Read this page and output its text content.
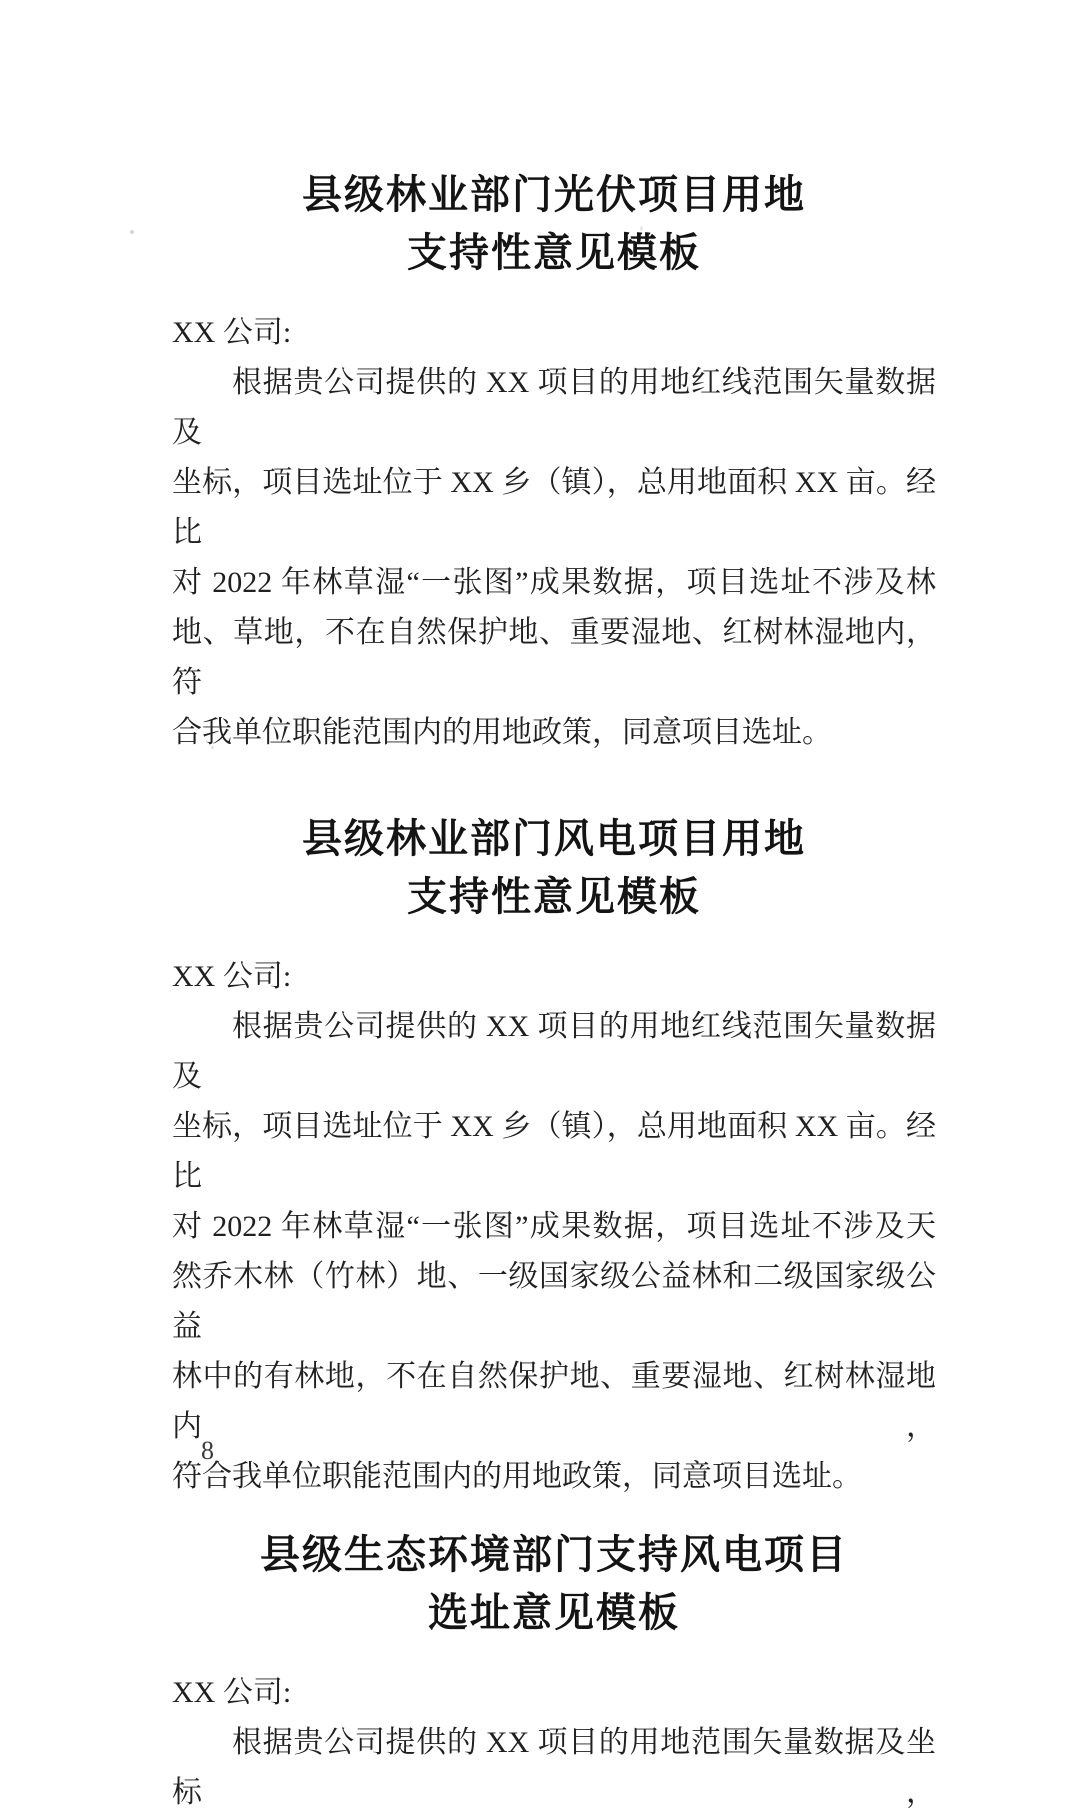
县级林业部门光伏项目用地
支持性意见模板

XX 公司:

根据贵公司提供的 XX 项目的用地红线范围矢量数据及
坐标，项目选址位于 XX 乡（镇），总用地面积 XX 亩。经比
对 2022 年林草湿“一张图”成果数据，项目选址不涉及林
地、草地，不在自然保护地、重要湿地、红树林湿地内，符
合我单位职能范围内的用地政策，同意项目选址。
县级林业部门风电项目用地
支持性意见模板

XX 公司:

根据贵公司提供的 XX 项目的用地红线范围矢量数据及
坐标，项目选址位于 XX 乡（镇），总用地面积 XX 亩。经比
对 2022 年林草湿“一张图”成果数据，项目选址不涉及天
然乔木林（竹林）地、一级国家级公益林和二级国家级公益
林中的有林地，不在自然保护地、重要湿地、红树林湿地内，
符合我单位职能范围内的用地政策，同意项目选址。
县级生态环境部门支持风电项目
选址意见模板

XX 公司:

根据贵公司提供的 XX 项目的用地范围矢量数据及坐标，
8
